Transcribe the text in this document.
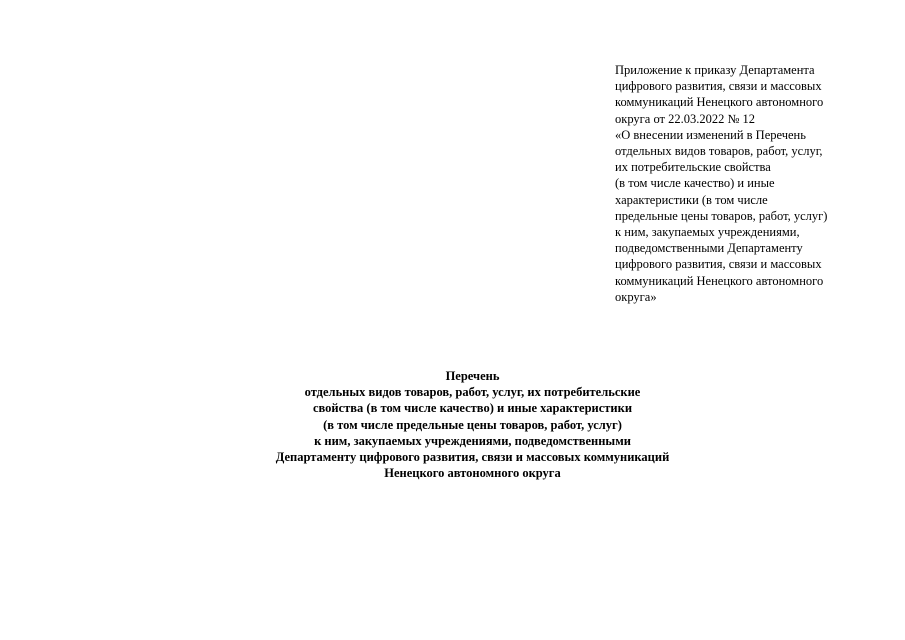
Приложение к приказу Департамента
цифрового развития, связи и массовых
коммуникаций Ненецкого автономного
округа от 22.03.2022 № 12
«О внесении изменений в Перечень
отдельных видов товаров, работ, услуг,
их потребительские свойства
(в том числе качество) и иные
характеристики (в том числе
предельные цены товаров, работ, услуг)
к ним, закупаемых учреждениями,
подведомственными Департаменту
цифрового развития, связи и массовых
коммуникаций Ненецкого автономного
округа»
Перечень
отдельных видов товаров, работ, услуг, их потребительские
свойства (в том числе качество) и иные характеристики
(в том числе предельные цены товаров, работ, услуг)
к ним, закупаемых учреждениями, подведомственными
Департаменту цифрового развития, связи и массовых коммуникаций
Ненецкого автономного округа
